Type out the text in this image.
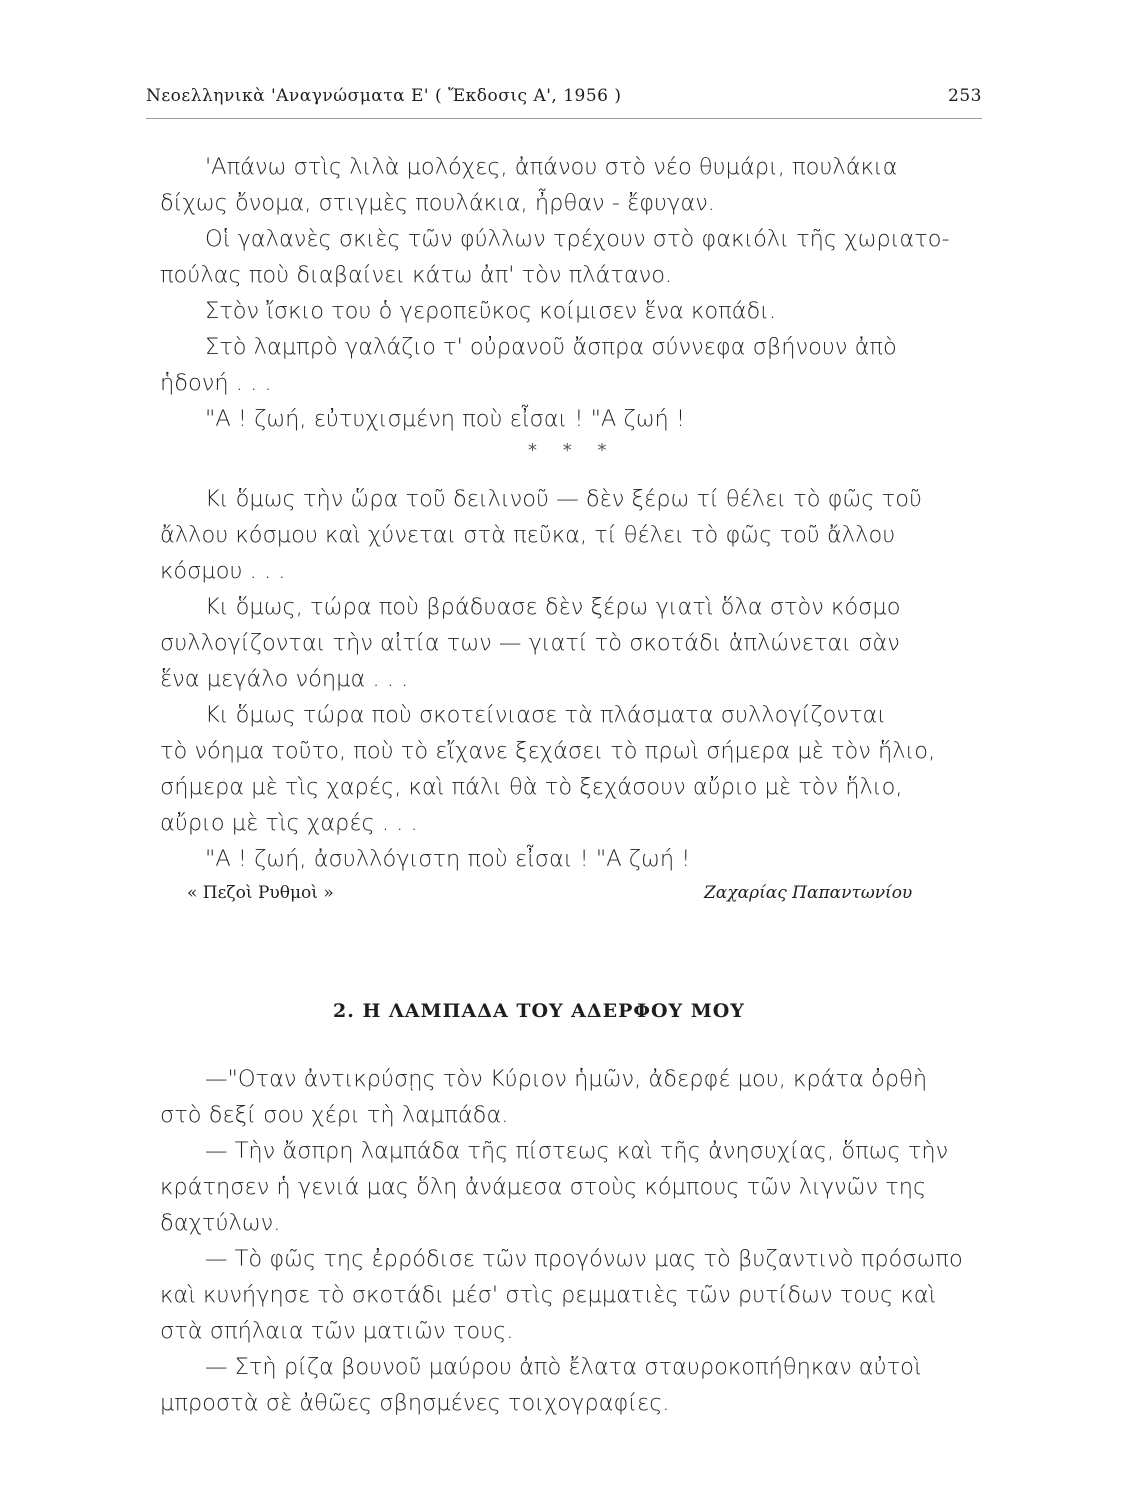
Νεοελληνικὰ 'Αναγνώσματα Ε' ( Ἔκδοσις Α', 1956 )	253
'Απάνω στὶς λιλὰ μολόχες, ἀπάνου στὸ νέο θυμάρι, πουλάκια
δίχως ὄνομα, στιγμὲς πουλάκια, ἦρθαν - ἔφυγαν.
Οἱ γαλανὲς σκιὲς τῶν φύλλων τρέχουν στὸ φακιόλι τῆς χωριατο-
πούλας ποὺ διαβαίνει κάτω ἀπ' τὸν πλάτανο.
Στὸν ἴσκιο του ὁ γεροπεῦκος κοίμισεν ἕνα κοπάδι.
Στὸ λαμπρὸ γαλάζιο τ' οὐρανοῦ ἄσπρα σύννεφα σβήνουν ἀπὸ
ἡδονή . . .
"Α ! ζωή, εὐτυχισμένη ποὺ εἶσαι ! "Α ζωή !
* * *
Κι ὅμως τὴν ὥρα τοῦ δειλινοῦ — δὲν ξέρω τί θέλει τὸ φῶς τοῦ
ἄλλου κόσμου καὶ χύνεται στὰ πεῦκα, τί θέλει τὸ φῶς τοῦ ἄλλου
κόσμου . . .
Κι ὅμως, τώρα ποὺ βράδυασε δὲν ξέρω γιατὶ ὅλα στὸν κόσμο
συλλογίζονται τὴν αἰτία των — γιατί τὸ σκοτάδι ἁπλώνεται σὰν
ἕνα μεγάλο νόημα . . .
Κι ὅμως τώρα ποὺ σκοτείνιασε τὰ πλάσματα συλλογίζονται
τὸ νόημα τοῦτο, ποὺ τὸ εἴχανε ξεχάσει τὸ πρωὶ σήμερα μὲ τὸν ἥλιο,
σήμερα μὲ τὶς χαρές, καὶ πάλι θὰ τὸ ξεχάσουν αὔριο μὲ τὸν ἥλιο,
αὔριο μὲ τὶς χαρές . . .
"Α ! ζωή, ἀσυλλόγιστη ποὺ εἶσαι ! "Α ζωή !
« Πεζοὶ Ρυθμοὶ »	Ζαχαρίας Παπαντωνίου
2. Η ΛΑΜΠΑΔΑ ΤΟΥ ΑΔΕΡΦΟΥ ΜΟΥ
—"Οταν ἀντικρύσῃς τὸν Κύριον ἡμῶν, ἀδερφέ μου, κράτα ὀρθὴ
στὸ δεξί σου χέρι τὴ λαμπάδα.
— Τὴν ἄσπρη λαμπάδα τῆς πίστεως καὶ τῆς ἀνησυχίας, ὅπως τὴν
κράτησεν ἡ γενιά μας ὅλη ἀνάμεσα στοὺς κόμπους τῶν λιγνῶν της
δαχτύλων.
— Τὸ φῶς της ἐρρόδισε τῶν προγόνων μας τὸ βυζαντινὸ πρόσωπο
καὶ κυνήγησε τὸ σκοτάδι μέσ' στὶς ρεμματιὲς τῶν ρυτίδων τους καὶ
στὰ σπήλαια τῶν ματιῶν τους.
— Στὴ ρίζα βουνοῦ μαύρου ἀπὸ ἔλατα σταυροκοπήθηκαν αὐτοὶ
μπροστὰ σὲ ἀθῶες σβησμένες τοιχογραφίες.
